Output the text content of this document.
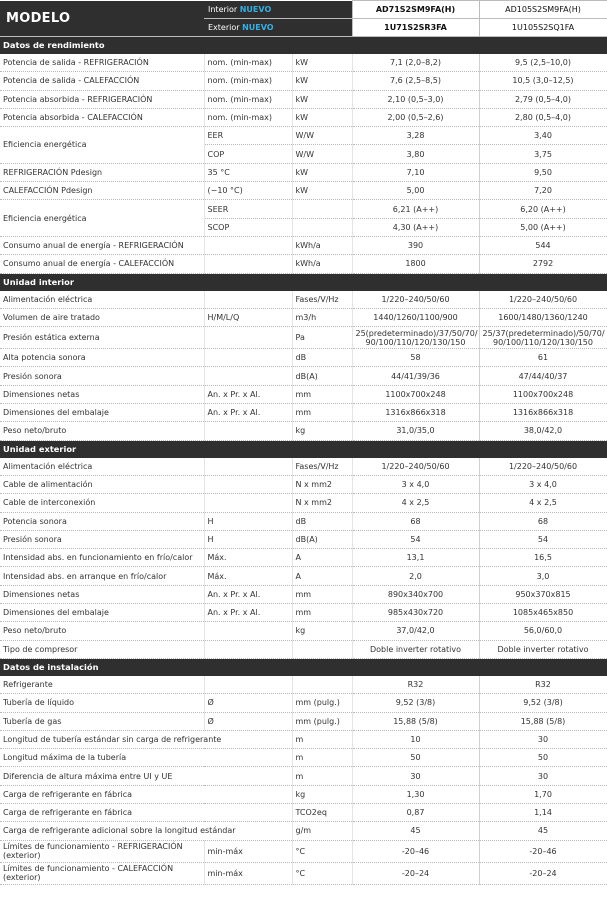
MODELO	Interior NUEVO		AD71S2SM9FA(H)	AD105S2SM9FA(H)
	Exterior NUEVO		1U71S2SR3FA	1U105S2SQ1FA
Datos de rendimiento				
Potencia de salida - REFRIGERACIÓN	nom. (min-max)	kW	7,1 (2,0–8,2)	9,5 (2,5–10,0)
Potencia de salida - CALEFACCIÓN	nom. (min-max)	kW	7,6 (2,5–8,5)	10,5 (3,0–12,5)
Potencia absorbida - REFRIGERACIÓN	nom. (min-max)	kW	2,10 (0,5–3,0)	2,79 (0,5–4,0)
Potencia absorbida - CALEFACCIÓN	nom. (min-max)	kW	2,00 (0,5–2,6)	2,80 (0,5–4,0)
Eficiencia energética	EER	W/W	3,28	3,40
	COP	W/W	3,80	3,75
REFRIGERACIÓN Pdesign	35 °C	kW	7,10	9,50
CALEFACCIÓN Pdesign	(−10 °C)	kW	5,00	7,20
Eficiencia energética	SEER		6,21 (A++)	6,20 (A++)
	SCOP		4,30 (A++)	5,00 (A++)
Consumo anual de energía - REFRIGERACIÓN		kWh/a	390	544
Consumo anual de energía - CALEFACCIÓN		kWh/a	1800	2792
Unidad interior				
Alimentación eléctrica		Fases/V/Hz	1/220–240/50/60	1/220–240/50/60
Volumen de aire tratado	H/M/L/Q	m3/h	1440/1260/1100/900	1600/1480/1360/1240
Presión estática externa		Pa	25(predeterminado)/37/50/70/ 90/100/110/120/130/150	25/37(predeterminado)/50/70/ 90/100/110/120/130/150
Alta potencia sonora		dB	58	61
Presión sonora		dB(A)	44/41/39/36	47/44/40/37
Dimensiones netas	An. x Pr. x Al.	mm	1100x700x248	1100x700x248
Dimensiones del embalaje	An. x Pr. x Al.	mm	1316x866x318	1316x866x318
Peso neto/bruto		kg	31,0/35,0	38,0/42,0
Unidad exterior				
Alimentación eléctrica		Fases/V/Hz	1/220–240/50/60	1/220–240/50/60
Cable de alimentación		N x mm2	3 x 4,0	3 x 4,0
Cable de interconexión		N x mm2	4 x 2,5	4 x 2,5
Potencia sonora	H	dB	68	68
Presión sonora	H	dB(A)	54	54
Intensidad abs. en funcionamiento en frío/calor	Máx.	A	13,1	16,5
Intensidad abs. en arranque en frío/calor	Máx.	A	2,0	3,0
Dimensiones netas	An. x Pr. x Al.	mm	890x340x700	950x370x815
Dimensiones del embalaje	An. x Pr. x Al.	mm	985x430x720	1085x465x850
Peso neto/bruto		kg	37,0/42,0	56,0/60,0
Tipo de compresor			Doble inverter rotativo	Doble inverter rotativo
Datos de instalación				
Refrigerante			R32	R32
Tubería de líquido	Ø	mm (pulg.)	9,52 (3/8)	9,52 (3/8)
Tubería de gas	Ø	mm (pulg.)	15,88 (5/8)	15,88 (5/8)
Longitud de tubería estándar sin carga de refrigerante		m	10	30
Longitud máxima de la tubería		m	50	50
Diferencia de altura máxima entre UI y UE		m	30	30
Carga de refrigerante en fábrica		kg	1,30	1,70
Carga de refrigerante en fábrica		TCO2eq	0,87	1,14
Carga de refrigerante adicional sobre la longitud estándar		g/m	45	45
Límites de funcionamiento - REFRIGERACIÓN (exterior)	min-máx	°C	-20–46	-20–46
Límites de funcionamiento - CALEFACCIÓN (exterior)	min-máx	°C	-20–24	-20–24
